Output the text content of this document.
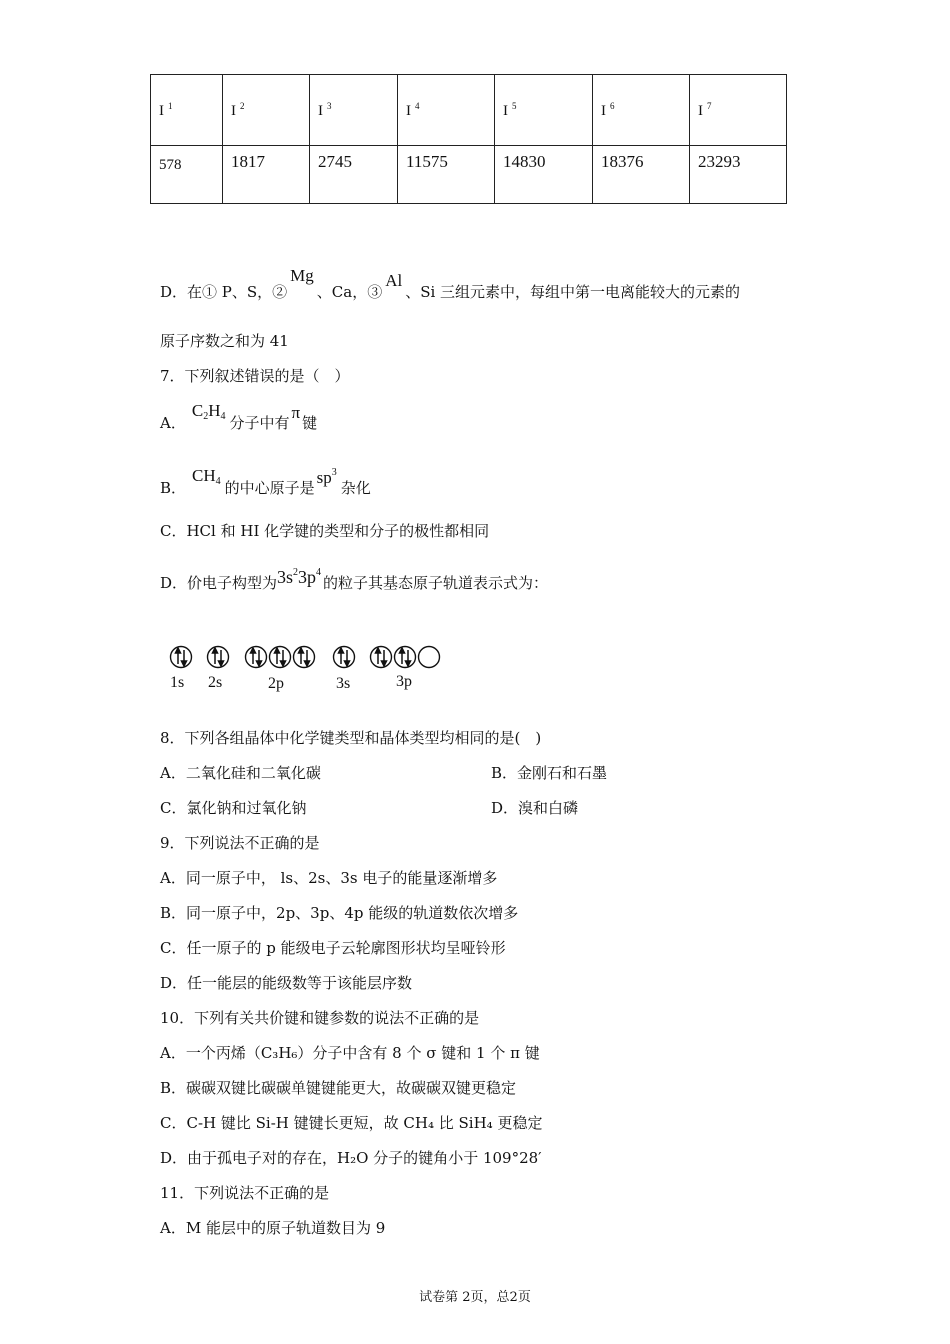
I $^1$	I $^2$	I $^3$	I $^4$	I $^5$	I $^6$	I $^7$
578	1817	2745	11575	14830	18376	23293
D．在① P、S，②Mg、Ca，③Al、Si 三组元素中，每组中第一电离能较大的元素的
原子序数之和为 41
7．下列叙述错误的是（　）
A．$C_2H_4$ 分子中有π键
B．$CH_4$ 的中心原子是$sp^3$杂化
C．HCl 和 HI 化学键的类型和分子的极性都相同
D．价电子构型为$3s^23p^4$的粒子其基态原子轨道表示式为：
1s 2s	2p	3s	3p
8．下列各组晶体中化学键类型和晶体类型均相同的是(　)
A．二氧化硅和二氧化碳	B．金刚石和石墨
C．氯化钠和过氧化钠	D．溴和白磷
9．下列说法不正确的是
A．同一原子中， ls、2s、3s 电子的能量逐渐增多
B．同一原子中，2p、3p、4p 能级的轨道数依次增多
C．任一原子的 p 能级电子云轮廓图形状均呈哑铃形
D．任一能层的能级数等于该能层序数
10．下列有关共价键和键参数的说法不正确的是
A．一个丙烯（C₃H₆）分子中含有 8 个 σ 键和 1 个 π 键
B．碳碳双键比碳碳单键键能更大，故碳碳双键更稳定
C．C-H 键比 Si-H 键键长更短，故 CH₄ 比 SiH₄ 更稳定
D．由于孤电子对的存在，H₂O 分子的键角小于 109°28′
11．下列说法不正确的是
A．M 能层中的原子轨道数目为 9
试卷第 2页，总2页
